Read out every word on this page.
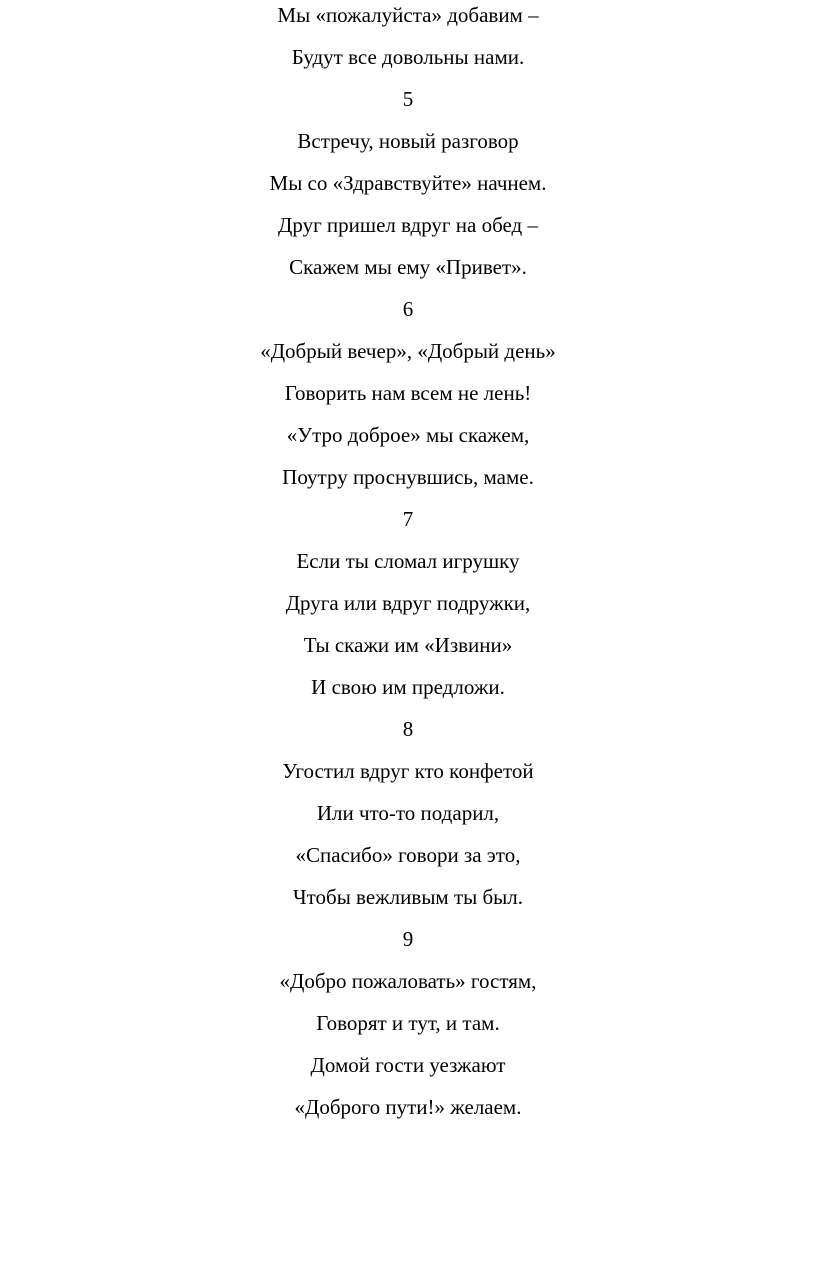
Мы «пожалуйста» добавим –
Будут все довольны нами.
5
Встречу, новый разговор
Мы со «Здравствуйте» начнем.
Друг пришел вдруг на обед –
Скажем мы ему «Привет».
6
«Добрый вечер», «Добрый день»
Говорить нам всем не лень!
«Утро доброе» мы скажем,
Поутру проснувшись, маме.
7
Если ты сломал игрушку
Друга или вдруг подружки,
Ты скажи им «Извини»
И свою им предложи.
8
Угостил вдруг кто конфетой
Или что-то подарил,
«Спасибо» говори за это,
Чтобы вежливым ты был.
9
«Добро пожаловать» гостям,
Говорят и тут, и там.
Домой гости уезжают
«Доброго пути!» желаем.
